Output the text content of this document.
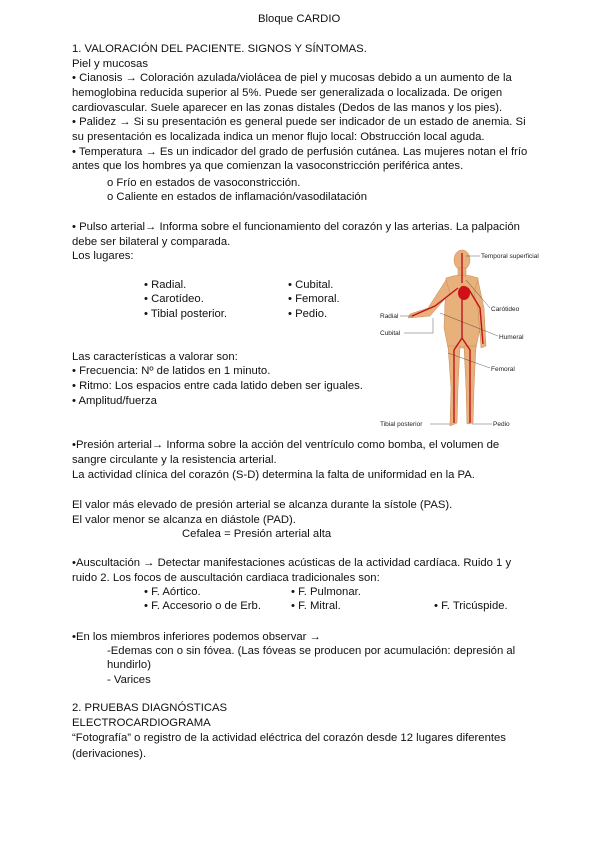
Bloque CARDIO
1. VALORACIÓN DEL PACIENTE. SIGNOS Y SÍNTOMAS.
Piel y mucosas
• Cianosis → Coloración azulada/violácea de piel y mucosas debido a un aumento de la
hemoglobina reducida superior al 5%. Puede ser generalizada o localizada. De origen
cardiovascular. Suele aparecer en las zonas distales (Dedos de las manos y los pies).
• Palidez → Si su presentación es general puede ser indicador de un estado de anemia. Si
su presentación es localizada indica un menor flujo local: Obstrucción local aguda.
• Temperatura → Es un indicador del grado de perfusión cutánea. Las mujeres notan el frío
antes que los hombres ya que comienzan la vasoconstricción periférica antes.
o Frío en estados de vasoconstricción.
o Caliente en estados de inflamación/vasodilatación
• Pulso arterial→ Informa sobre el funcionamiento del corazón y las arterias. La palpación
debe ser bilateral y comparada.
Los lugares:
• Radial.
• Carotídeo.
• Tibial posterior.
• Cubital.
• Femoral.
• Pedio.
Las características a valorar son:
• Frecuencia: Nº de latidos en 1 minuto.
• Ritmo: Los espacios entre cada latido deben ser iguales.
• Amplitud/fuerza
Temporal superficial
Carótideo
Radial
Cubital
Humeral
Femoral
Tibial posterior	Pedio
•Presión arterial→ Informa sobre la acción del ventrículo como bomba, el volumen de
sangre circulante y la resistencia arterial.
La actividad clínica del corazón (S-D) determina la falta de uniformidad en la PA.
El valor más elevado de presión arterial se alcanza durante la sístole (PAS).
El valor menor se alcanza en diástole (PAD).
Cefalea = Presión arterial alta
•Auscultación → Detectar manifestaciones acústicas de la actividad cardíaca. Ruido 1 y
ruido 2. Los focos de auscultación cardiaca tradicionales son:
• F. Aórtico.	• F. Pulmonar.
• F. Accesorio o de Erb.	• F. Mitral.	• F. Tricúspide.
•En los miembros inferiores podemos observar →
-Edemas con o sin fóvea. (Las fóveas se producen por acumulación: depresión al
hundirlo)
- Varices
2. PRUEBAS DIAGNÓSTICAS
ELECTROCARDIOGRAMA
“Fotografía” o registro de la actividad eléctrica del corazón desde 12 lugares diferentes
(derivaciones).
